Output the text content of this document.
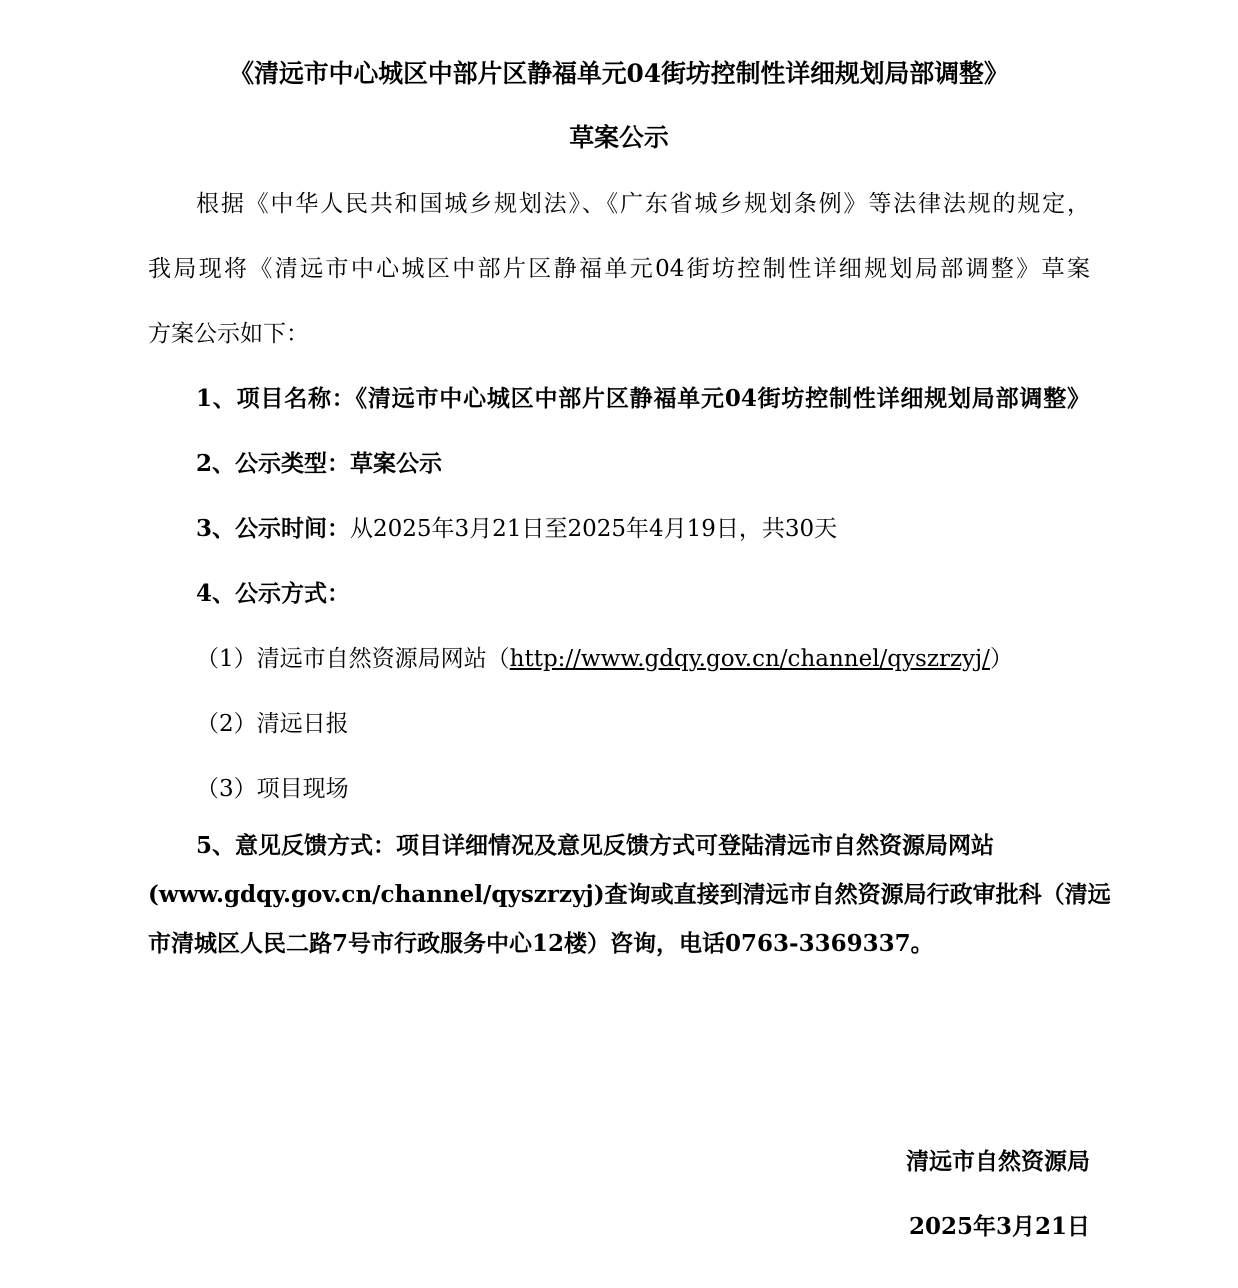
《清远市中心城区中部片区静福单元04街坊控制性详细规划局部调整》
草案公示
根据《中华人民共和国城乡规划法》、《广东省城乡规划条例》等法律法规的规定，
我局现将《清远市中心城区中部片区静福单元04街坊控制性详细规划局部调整》草案
方案公示如下：
1、项目名称：《清远市中心城区中部片区静福单元04街坊控制性详细规划局部调整》
2、公示类型：草案公示
3、公示时间：从2025年3月21日至2025年4月19日，共30天
4、公示方式：
（1）清远市自然资源局网站（http://www.gdqy.gov.cn/channel/qyszrzyj/）
（2）清远日报
（3）项目现场
5、意见反馈方式：项目详细情况及意见反馈方式可登陆清远市自然资源局网站
(www.gdqy.gov.cn/channel/qyszrzyj)查询或直接到清远市自然资源局行政审批科（清远
市清城区人民二路7号市行政服务中心12楼）咨询，电话0763-3369337。
清远市自然资源局
2025年3月21日
